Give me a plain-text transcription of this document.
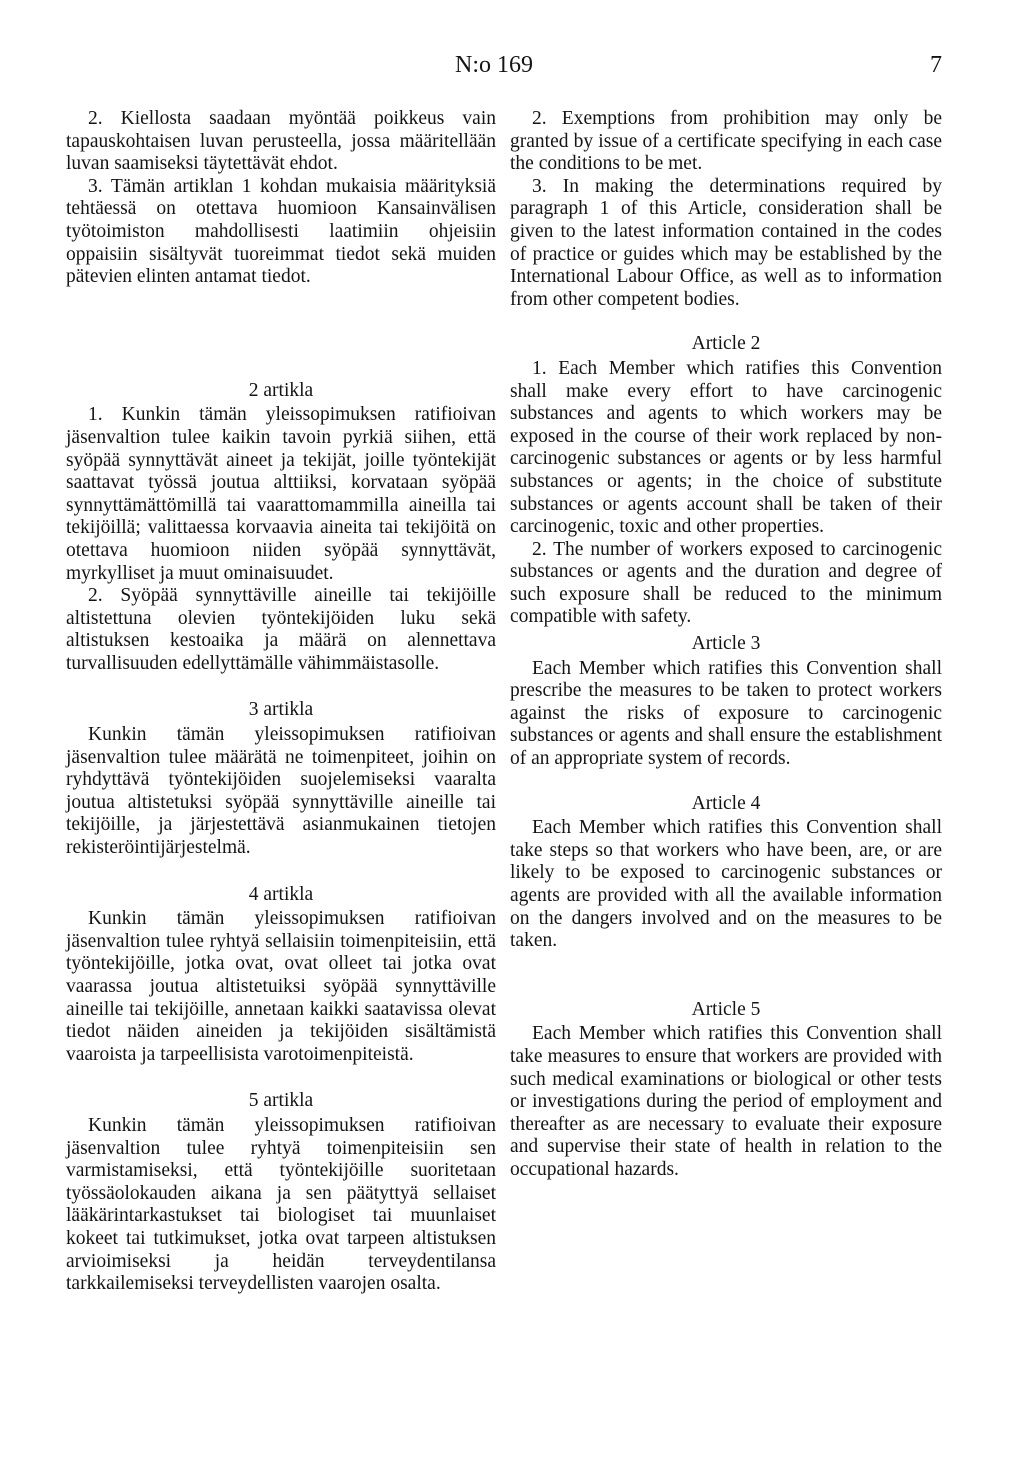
N:o 169	7

2. Kiellosta saadaan myöntää poikkeus vain tapauskohtaisen luvan perusteella, jossa määritellään luvan saamiseksi täytettävät ehdot.

3. Tämän artiklan 1 kohdan mukaisia määrityksiä tehtäessä on otettava huomioon Kansainvälisen työtoimiston mahdollisesti laatimiin ohjeisiin oppaisiin sisältyvät tuoreimmat tiedot sekä muiden pätevien elinten antamat tiedot.

2 artikla

1. Kunkin tämän yleissopimuksen ratifioivan jäsenvaltion tulee kaikin tavoin pyrkiä siihen, että syöpää synnyttävät aineet ja tekijät, joille työntekijät saattavat työssä joutua alttiiksi, korvataan syöpää synnyttämättömillä tai vaarattomammilla aineilla tai tekijöillä; valittaessa korvaavia aineita tai tekijöitä on otettava huomioon niiden syöpää synnyttävät, myrkylliset ja muut ominaisuudet.

2. Syöpää synnyttäville aineille tai tekijöille altistettuna olevien työntekijöiden luku sekä altistuksen kestoaika ja määrä on alennettava turvallisuuden edellyttämälle vähimmäistasolle.

3 artikla

Kunkin tämän yleissopimuksen ratifioivan jäsenvaltion tulee määrätä ne toimenpiteet, joihin on ryhdyttävä työntekijöiden suojelemiseksi vaaralta joutua altistetuksi syöpää synnyttäville aineille tai tekijöille, ja järjestettävä asianmukainen tietojen rekisteröintijärjestelmä.

4 artikla

Kunkin tämän yleissopimuksen ratifioivan jäsenvaltion tulee ryhtyä sellaisiin toimenpiteisiin, että työntekijöille, jotka ovat, ovat olleet tai jotka ovat vaarassa joutua altistetuiksi syöpää synnyttäville aineille tai tekijöille, annetaan kaikki saatavissa olevat tiedot näiden aineiden ja tekijöiden sisältämistä vaaroista ja tarpeellisista varotoimenpiteistä.

5 artikla

Kunkin tämän yleissopimuksen ratifioivan jäsenvaltion tulee ryhtyä toimenpiteisiin sen varmistamiseksi, että työntekijöille suoritetaan työssäolokauden aikana ja sen päätyttyä sellaiset lääkärintarkastukset tai biologiset tai muunlaiset kokeet tai tutkimukset, jotka ovat tarpeen altistuksen arvioimiseksi ja heidän terveydentilansa tarkkailemiseksi terveydellisten vaarojen osalta.

2. Exemptions from prohibition may only be granted by issue of a certificate specifying in each case the conditions to be met.

3. In making the determinations required by paragraph 1 of this Article, consideration shall be given to the latest information contained in the codes of practice or guides which may be established by the International Labour Office, as well as to information from other competent bodies.

Article 2

1. Each Member which ratifies this Convention shall make every effort to have carcinogenic substances and agents to which workers may be exposed in the course of their work replaced by non-carcinogenic substances or agents or by less harmful substances or agents; in the choice of substitute substances or agents account shall be taken of their carcinogenic, toxic and other properties.

2. The number of workers exposed to carcinogenic substances or agents and the duration and degree of such exposure shall be reduced to the minimum compatible with safety.

Article 3

Each Member which ratifies this Convention shall prescribe the measures to be taken to protect workers against the risks of exposure to carcinogenic substances or agents and shall ensure the establishment of an appropriate system of records.

Article 4

Each Member which ratifies this Convention shall take steps so that workers who have been, are, or are likely to be exposed to carcinogenic substances or agents are provided with all the available information on the dangers involved and on the measures to be taken.

Article 5

Each Member which ratifies this Convention shall take measures to ensure that workers are provided with such medical examinations or biological or other tests or investigations during the period of employment and thereafter as are necessary to evaluate their exposure and supervise their state of health in relation to the occupational hazards.
